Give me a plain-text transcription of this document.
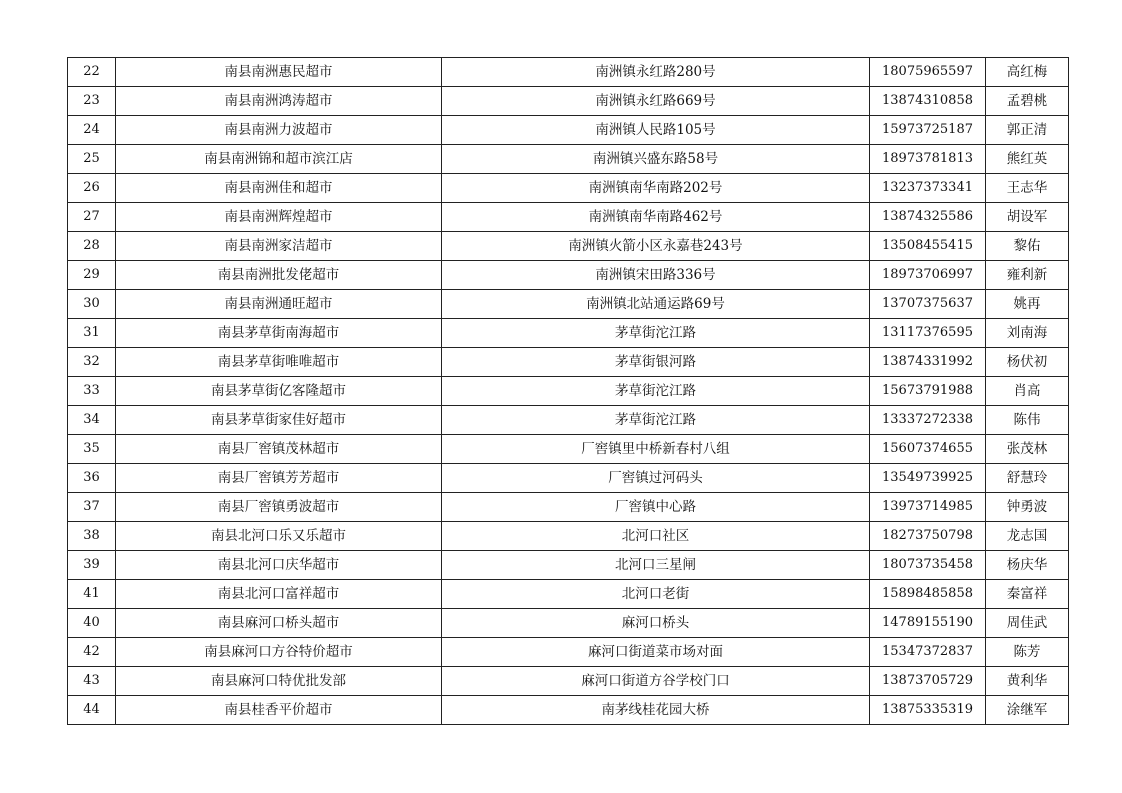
22	南县南洲惠民超市	南洲镇永红路280号	18075965597	高红梅
23	南县南洲鸿涛超市	南洲镇永红路669号	13874310858	孟碧桃
24	南县南洲力波超市	南洲镇人民路105号	15973725187	郭正清
25	南县南洲锦和超市滨江店	南洲镇兴盛东路58号	18973781813	熊红英
26	南县南洲佳和超市	南洲镇南华南路202号	13237373341	王志华
27	南县南洲辉煌超市	南洲镇南华南路462号	13874325586	胡设军
28	南县南洲家洁超市	南洲镇火箭小区永嘉巷243号	13508455415	黎佑
29	南县南洲批发佬超市	南洲镇宋田路336号	18973706997	雍利新
30	南县南洲通旺超市	南洲镇北站通运路69号	13707375637	姚再
31	南县茅草街南海超市	茅草街沱江路	13117376595	刘南海
32	南县茅草街唯唯超市	茅草街银河路	13874331992	杨伏初
33	南县茅草街亿客隆超市	茅草街沱江路	15673791988	肖高
34	南县茅草街家佳好超市	茅草街沱江路	13337272338	陈伟
35	南县厂窖镇茂林超市	厂窖镇里中桥新春村八组	15607374655	张茂林
36	南县厂窖镇芳芳超市	厂窖镇过河码头	13549739925	舒慧玲
37	南县厂窖镇勇波超市	厂窖镇中心路	13973714985	钟勇波
38	南县北河口乐又乐超市	北河口社区	18273750798	龙志国
39	南县北河口庆华超市	北河口三星闸	18073735458	杨庆华
41	南县北河口富祥超市	北河口老街	15898485858	秦富祥
40	南县麻河口桥头超市	麻河口桥头	14789155190	周佳武
42	南县麻河口方谷特价超市	麻河口街道菜市场对面	15347372837	陈芳
43	南县麻河口特优批发部	麻河口街道方谷学校门口	13873705729	黄利华
44	南县桂香平价超市	南茅线桂花园大桥	13875335319	涂继军
